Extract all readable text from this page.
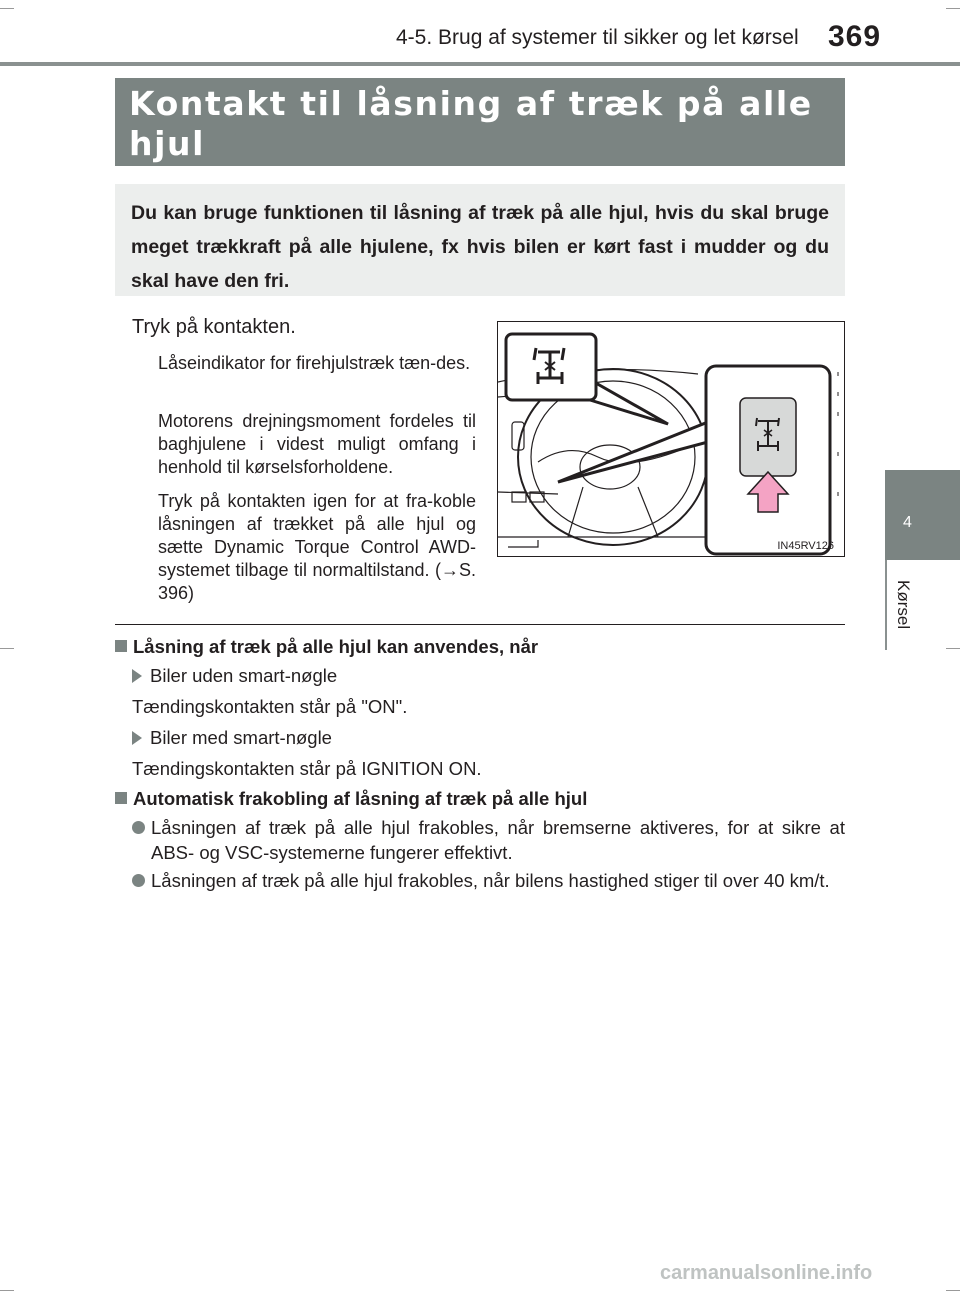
4-5. Brug af systemer til sikker og let kørsel 369
Kontakt til låsning af træk på alle hjul
Du kan bruge funktionen til låsning af træk på alle hjul, hvis du skal bruge meget trækkraft på alle hjulene, fx hvis bilen er kørt fast i mudder og du skal have den fri.
Tryk på kontakten.
Låseindikator for firehjulstræk tæn-des.
Motorens drejningsmoment fordeles til baghjulene i videst muligt omfang i henhold til kørselsforholdene.
Tryk på kontakten igen for at fra-koble låsningen af trækket på alle hjul og sætte Dynamic Torque Control AWD-systemet tilbage til normaltilstand. (→S. 396)
IN45RV126
Låsning af træk på alle hjul kan anvendes, når
Biler uden smart-nøgle
Tændingskontakten står på "ON".
Biler med smart-nøgle
Tændingskontakten står på IGNITION ON.
Automatisk frakobling af låsning af træk på alle hjul
Låsningen af træk på alle hjul frakobles, når bremserne aktiveres, for at sikre at ABS- og VSC-systemerne fungerer effektivt.
Låsningen af træk på alle hjul frakobles, når bilens hastighed stiger til over 40 km/t.
4
Kørsel
carmanualsonline.info
